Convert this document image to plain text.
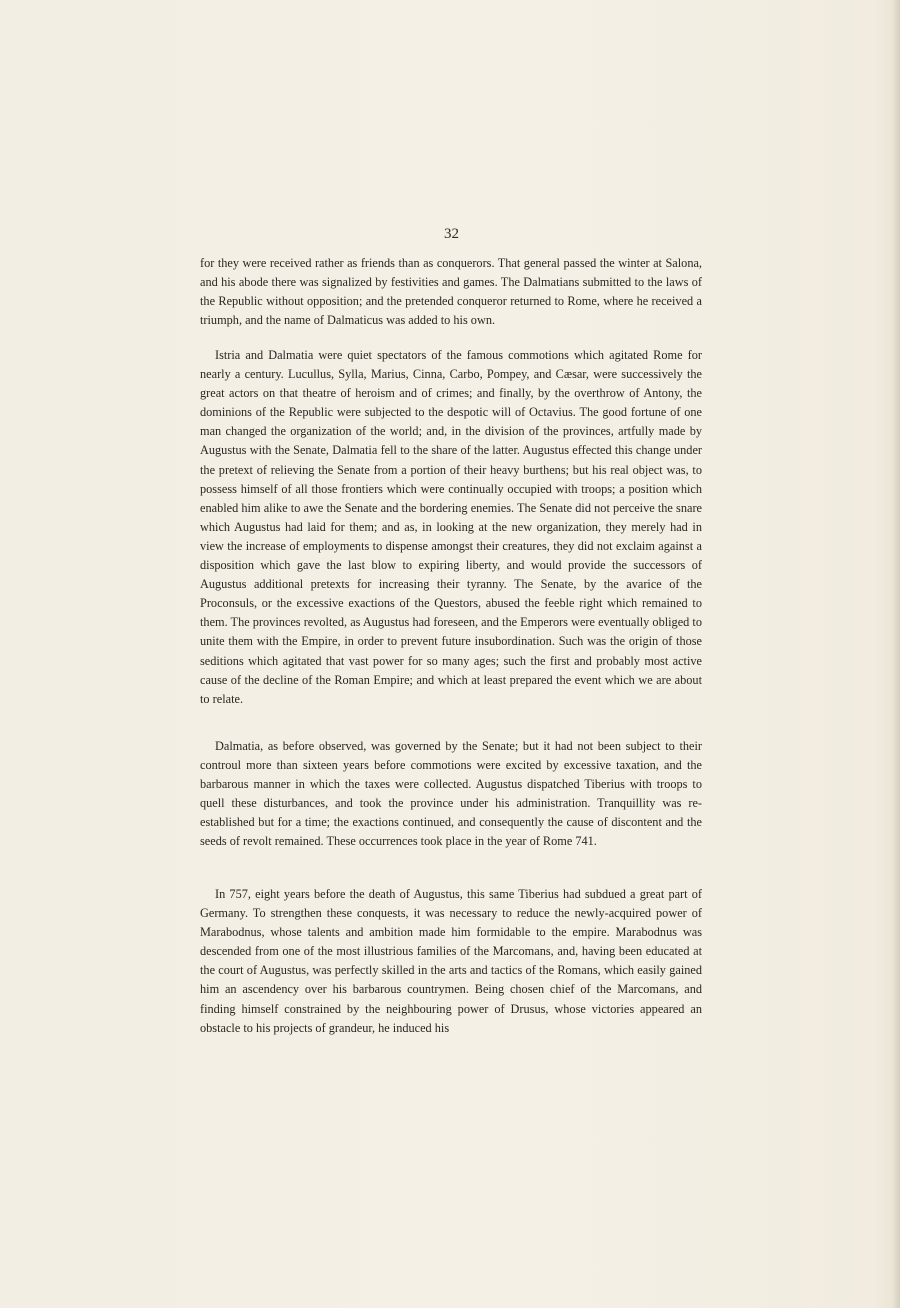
32

for they were received rather as friends than as conquerors. That general passed the winter at Salona, and his abode there was signalized by festivities and games. The Dalmatians submitted to the laws of the Republic without opposition; and the pretended conqueror returned to Rome, where he received a triumph, and the name of Dalmaticus was added to his own.

Istria and Dalmatia were quiet spectators of the famous commotions which agitated Rome for nearly a century. Lucullus, Sylla, Marius, Cinna, Carbo, Pompey, and Cæsar, were successively the great actors on that theatre of heroism and of crimes; and finally, by the overthrow of Antony, the dominions of the Republic were subjected to the despotic will of Octavius. The good fortune of one man changed the organization of the world; and, in the division of the provinces, artfully made by Augustus with the Senate, Dalmatia fell to the share of the latter. Augustus effected this change under the pretext of relieving the Senate from a portion of their heavy burthens; but his real object was, to possess himself of all those frontiers which were continually occupied with troops; a position which enabled him alike to awe the Senate and the bordering enemies. The Senate did not perceive the snare which Augustus had laid for them; and as, in looking at the new organization, they merely had in view the increase of employments to dispense amongst their creatures, they did not exclaim against a disposition which gave the last blow to expiring liberty, and would provide the successors of Augustus additional pretexts for increasing their tyranny. The Senate, by the avarice of the Proconsuls, or the excessive exactions of the Questors, abused the feeble right which remained to them. The provinces revolted, as Augustus had foreseen, and the Emperors were eventually obliged to unite them with the Empire, in order to prevent future insubordination. Such was the origin of those seditions which agitated that vast power for so many ages; such the first and probably most active cause of the decline of the Roman Empire; and which at least prepared the event which we are about to relate.

Dalmatia, as before observed, was governed by the Senate; but it had not been subject to their controul more than sixteen years before commotions were excited by excessive taxation, and the barbarous manner in which the taxes were collected. Augustus dispatched Tiberius with troops to quell these disturbances, and took the province under his administration. Tranquillity was re-established but for a time; the exactions continued, and consequently the cause of discontent and the seeds of revolt remained. These occurrences took place in the year of Rome 741.

In 757, eight years before the death of Augustus, this same Tiberius had subdued a great part of Germany. To strengthen these conquests, it was necessary to reduce the newly-acquired power of Marabodnus, whose talents and ambition made him formidable to the empire. Marabodnus was descended from one of the most illustrious families of the Marcomans, and, having been educated at the court of Augustus, was perfectly skilled in the arts and tactics of the Romans, which easily gained him an ascendency over his barbarous countrymen. Being chosen chief of the Marcomans, and finding himself constrained by the neighbouring power of Drusus, whose victories appeared an obstacle to his projects of grandeur, he induced his
